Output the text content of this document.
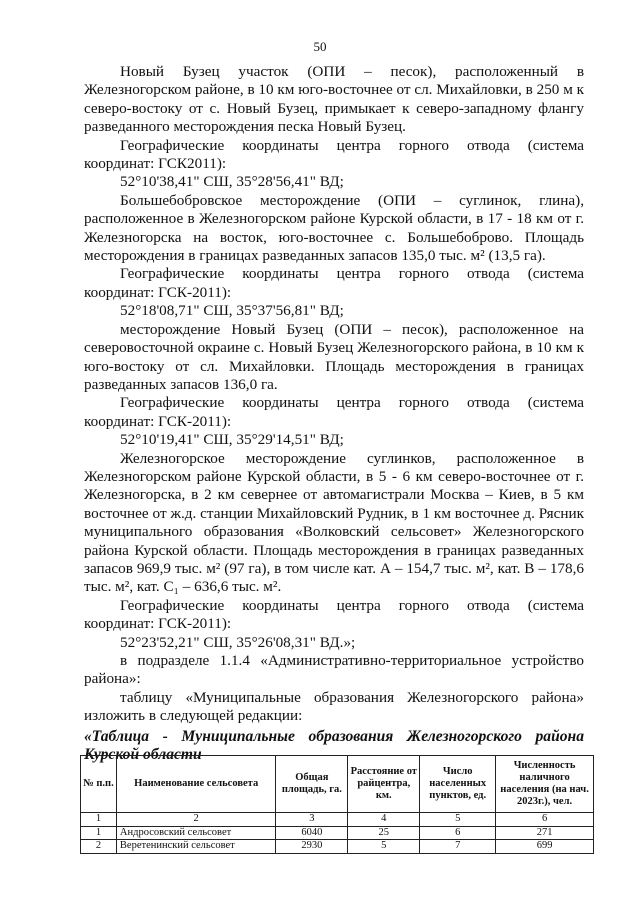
50

Новый Бузец участок (ОПИ – песок), расположенный в Железногорском районе, в 10 км юго-восточнее от сл. Михайловки, в 250 м к северо-востоку от с. Новый Бузец, примыкает к северо-западному флангу разведанного месторождения песка Новый Бузец.

Географические координаты центра горного отвода (система координат: ГСК2011):

52°10'38,41" СШ, 35°28'56,41" ВД;

Большебобровское месторождение (ОПИ – суглинок, глина), расположенное в Железногорском районе Курской области, в 17 - 18 км от г. Железногорска на восток, юго-восточнее с. Большебоброво. Площадь месторождения в границах разведанных запасов 135,0 тыс. м² (13,5 га).

Географические координаты центра горного отвода (система координат: ГСК-2011):

52°18'08,71" СШ, 35°37'56,81" ВД;

месторождение Новый Бузец (ОПИ – песок), расположенное на северовосточной окраине с. Новый Бузец Железногорского района, в 10 км к юго-востоку от сл. Михайловки. Площадь месторождения в границах разведанных запасов 136,0 га.

Географические координаты центра горного отвода (система координат: ГСК-2011):

52°10'19,41" СШ, 35°29'14,51" ВД;

Железногорское месторождение суглинков, расположенное в Железногорском районе Курской области, в 5 - 6 км северо-восточнее от г. Железногорска, в 2 км севернее от автомагистрали Москва – Киев, в 5 км восточнее от ж.д. станции Михайловский Рудник, в 1 км восточнее д. Рясник муниципального образования «Волковский сельсовет» Железногорского района Курской области. Площадь месторождения в границах разведанных запасов 969,9 тыс. м² (97 га), в том числе кат. А – 154,7 тыс. м², кат. В – 178,6 тыс. м², кат. С₁ – 636,6 тыс. м².

Географические координаты центра горного отвода (система координат: ГСК-2011):

52°23'52,21" СШ, 35°26'08,31" ВД.»;

в подразделе 1.1.4 «Административно-территориальное устройство района»:

таблицу «Муниципальные образования Железногорского района» изложить в следующей редакции:

«Таблица - Муниципальные образования Железногорского района Курской области

№ п.п.	Наименование сельсовета	Общая площадь, га.	Расстояние от райцентра, км.	Число населенных пунктов, ед.	Численность наличного населения (на нач. 2023г.), чел.
1	2	3	4	5	6
1	Андросовский сельсовет	6040	25	6	271
2	Веретенинский сельсовет	2930	5	7	699
